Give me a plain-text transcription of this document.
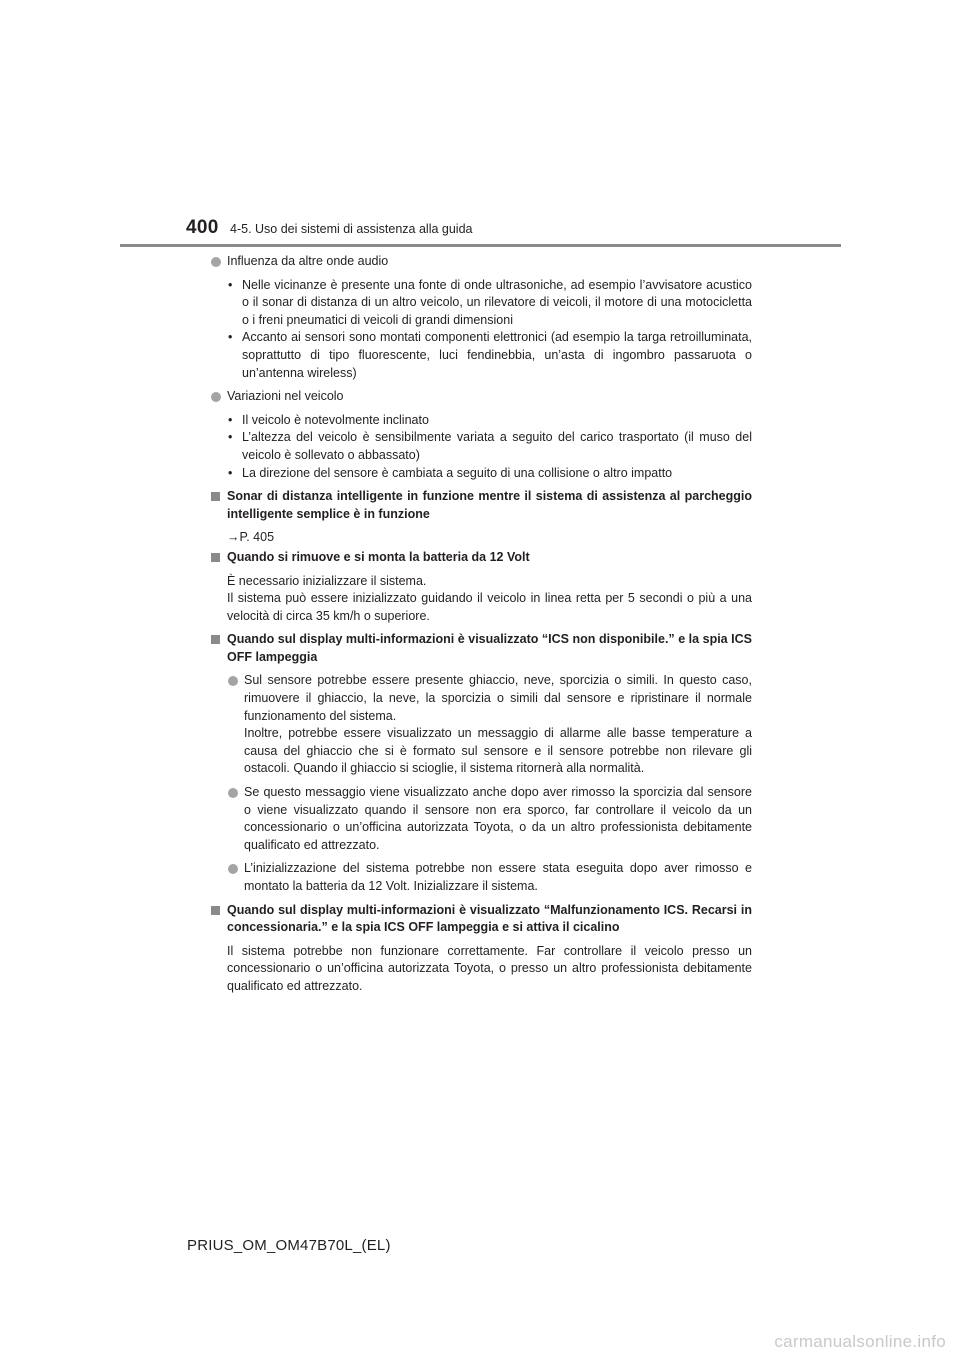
400 4-5. Uso dei sistemi di assistenza alla guida

Influenza da altre onde audio

• Nelle vicinanze è presente una fonte di onde ultrasoniche, ad esempio l’avvisatore acustico o il sonar di distanza di un altro veicolo, un rilevatore di veicoli, il motore di una motocicletta o i freni pneumatici di veicoli di grandi dimensioni
• Accanto ai sensori sono montati componenti elettronici (ad esempio la targa retroilluminata, soprattutto di tipo fluorescente, luci fendinebbia, un’asta di ingombro passaruota o un’antenna wireless)

Variazioni nel veicolo

• Il veicolo è notevolmente inclinato
• L’altezza del veicolo è sensibilmente variata a seguito del carico trasportato (il muso del veicolo è sollevato o abbassato)
• La direzione del sensore è cambiata a seguito di una collisione o altro impatto

Sonar di distanza intelligente in funzione mentre il sistema di assistenza al parcheggio intelligente semplice è in funzione

→P. 405

Quando si rimuove e si monta la batteria da 12 Volt

È necessario inizializzare il sistema.

Il sistema può essere inizializzato guidando il veicolo in linea retta per 5 secondi o più a una velocità di circa 35 km/h o superiore.

Quando sul display multi-informazioni è visualizzato “ICS non disponibile.” e la spia ICS OFF lampeggia

Sul sensore potrebbe essere presente ghiaccio, neve, sporcizia o simili. In questo caso, rimuovere il ghiaccio, la neve, la sporcizia o simili dal sensore e ripristinare il normale funzionamento del sistema.

Inoltre, potrebbe essere visualizzato un messaggio di allarme alle basse temperature a causa del ghiaccio che si è formato sul sensore e il sensore potrebbe non rilevare gli ostacoli. Quando il ghiaccio si scioglie, il sistema ritornerà alla normalità.

Se questo messaggio viene visualizzato anche dopo aver rimosso la sporcizia dal sensore o viene visualizzato quando il sensore non era sporco, far controllare il veicolo da un concessionario o un’officina autorizzata Toyota, o da un altro professionista debitamente qualificato ed attrezzato.

L’inizializzazione del sistema potrebbe non essere stata eseguita dopo aver rimosso e montato la batteria da 12 Volt. Inizializzare il sistema.

Quando sul display multi-informazioni è visualizzato “Malfunzionamento ICS. Recarsi in concessionaria.” e la spia ICS OFF lampeggia e si attiva il cicalino

Il sistema potrebbe non funzionare correttamente. Far controllare il veicolo presso un concessionario o un’officina autorizzata Toyota, o presso un altro professionista debitamente qualificato ed attrezzato.

PRIUS_OM_OM47B70L_(EL)
carmanualsonline.info
